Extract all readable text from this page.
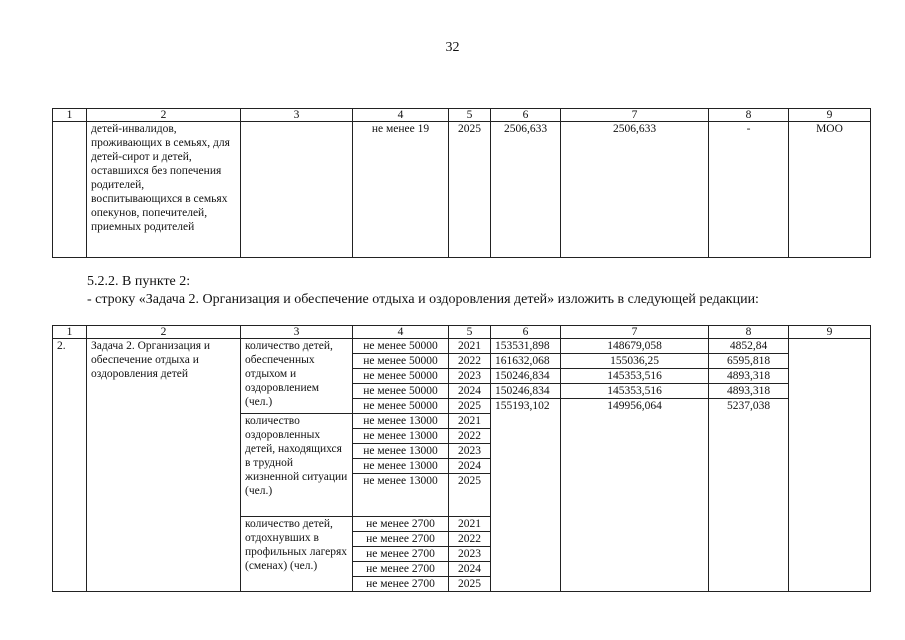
32
1	2	3	4	5	6	7	8	9
	детей-инвалидов, проживающих в семьях, для детей-сирот и детей, оставшихся без попечения родителей, воспитывающихся в семьях опекунов, попечителей, приемных родителей		не менее 19	2025	2506,633	2506,633	-	МОО
5.2.2. В пункте 2:
- строку «Задача 2. Организация и обеспечение отдыха и оздоровления детей» изложить в следующей редакции:
1	2	3	4	5	6	7	8	9
2.	Задача 2. Организация и обеспечение отдыха и оздоровления детей	количество детей, обеспеченных отдыхом и оздоровлением (чел.)	не менее 50000	2021	153531,898	148679,058	4852,84	
			не менее 50000	2022	161632,068	155036,25	6595,818	
			не менее 50000	2023	150246,834	145353,516	4893,318	
			не менее 50000	2024	150246,834	145353,516	4893,318	
			не менее 50000	2025	155193,102	149956,064	5237,038	
		количество оздоровленных детей, находящихся в трудной жизненной ситуации (чел.)	не менее 13000	2021				
			не менее 13000	2022				
			не менее 13000	2023				
			не менее 13000	2024				
			не менее 13000	2025				
		количество детей, отдохнувших в профильных лагерях (сменах) (чел.)	не менее 2700	2021				
			не менее 2700	2022				
			не менее 2700	2023				
			не менее 2700	2024				
			не менее 2700	2025				
